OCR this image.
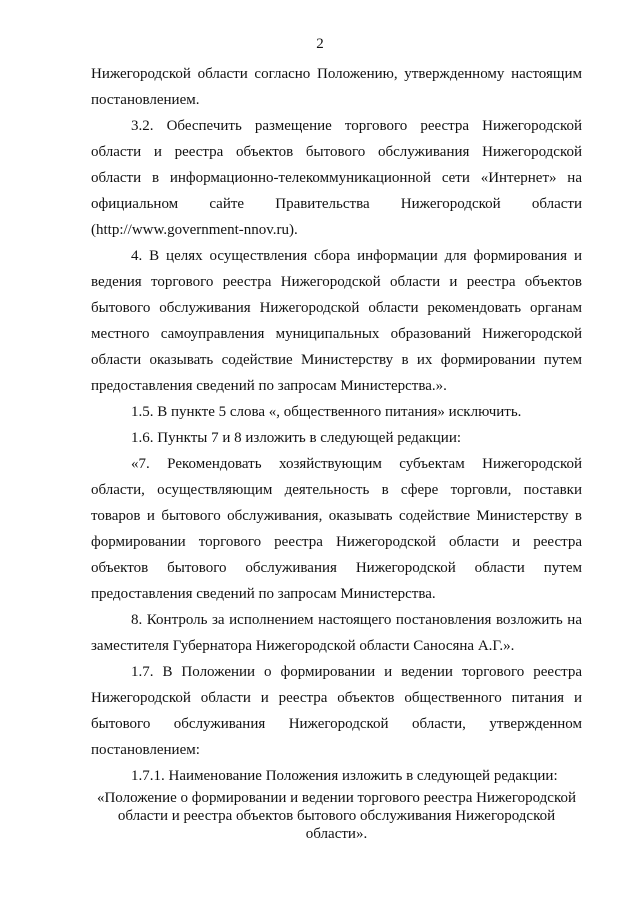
2

Нижегородской области согласно Положению, утвержденному настоящим постановлением.

3.2. Обеспечить размещение торгового реестра Нижегородской области и реестра объектов бытового обслуживания Нижегородской области в информационно-телекоммуникационной сети «Интернет» на официальном сайте Правительства Нижегородской области (http://www.government-nnov.ru).

4. В целях осуществления сбора информации для формирования и ведения торгового реестра Нижегородской области и реестра объектов бытового обслуживания Нижегородской области рекомендовать органам местного самоуправления муниципальных образований Нижегородской области оказывать содействие Министерству в их формировании путем предоставления сведений по запросам Министерства.».

1.5. В пункте 5 слова «, общественного питания» исключить.

1.6. Пункты 7 и 8 изложить в следующей редакции:

«7. Рекомендовать хозяйствующим субъектам Нижегородской области, осуществляющим деятельность в сфере торговли, поставки товаров и бытового обслуживания, оказывать содействие Министерству в формировании торгового реестра Нижегородской области и реестра объектов бытового обслуживания Нижегородской области путем предоставления сведений по запросам Министерства.

8. Контроль за исполнением настоящего постановления возложить на заместителя Губернатора Нижегородской области Саносяна А.Г.».

1.7. В Положении о формировании и ведении торгового реестра Нижегородской области и реестра объектов общественного питания и бытового обслуживания Нижегородской области, утвержденном постановлением:

1.7.1. Наименование Положения изложить в следующей редакции:

«Положение о формировании и ведении торгового реестра Нижегородской области и реестра объектов бытового обслуживания Нижегородской области».
